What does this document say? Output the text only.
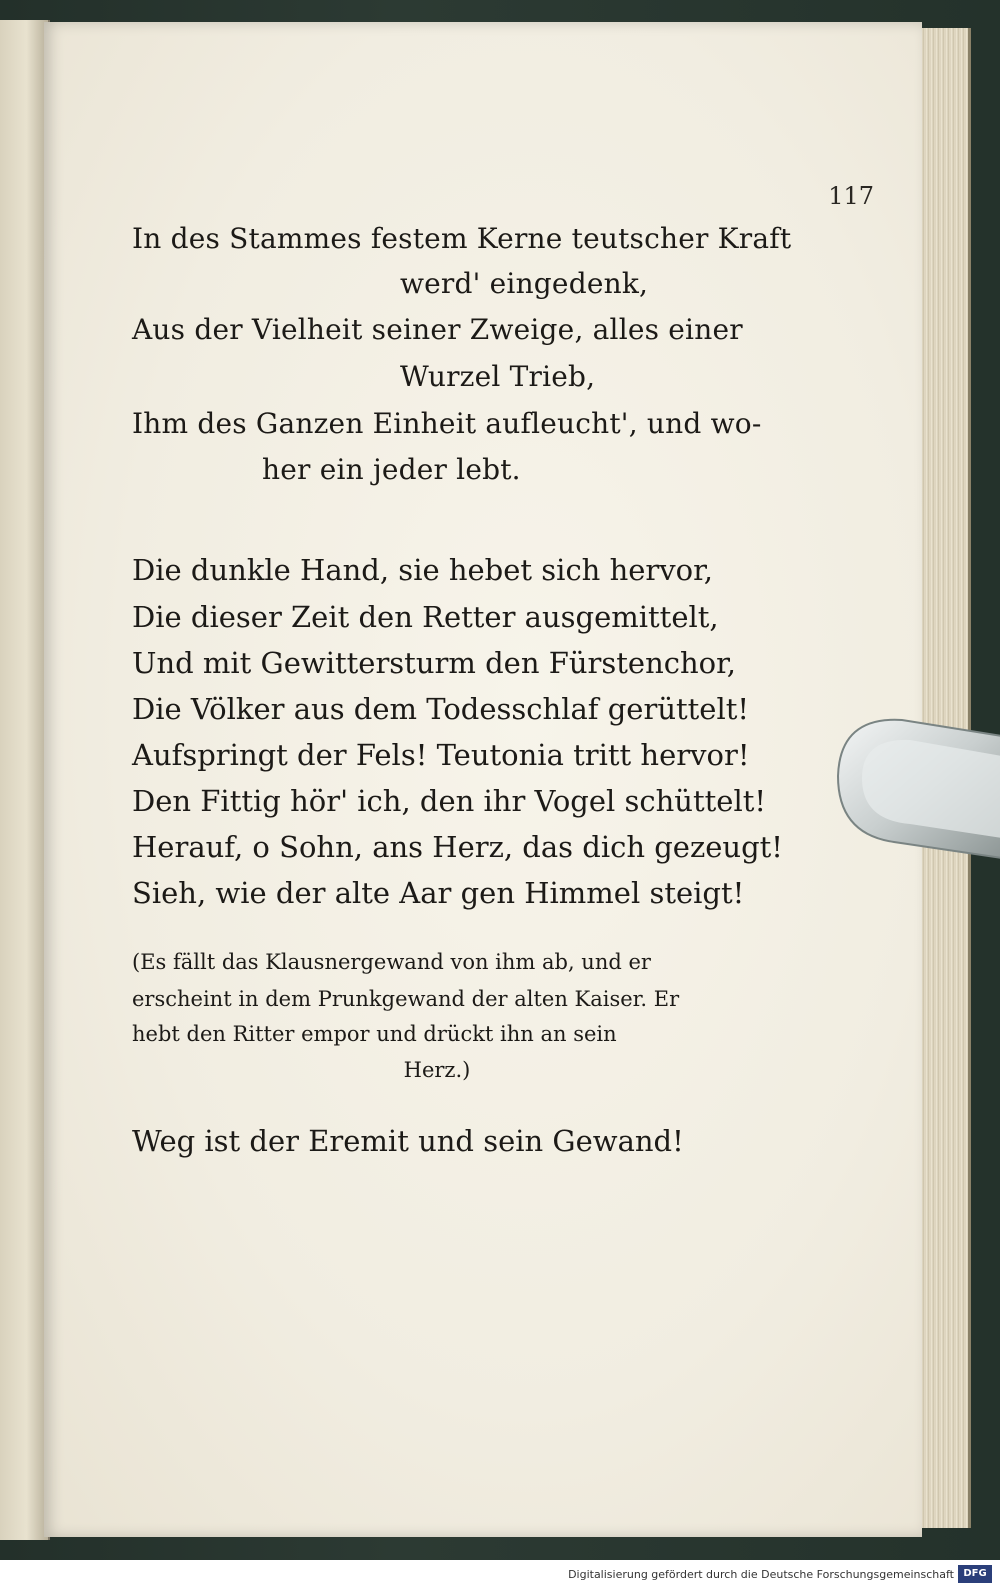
117
In des Stammes festem Kerne teutscher Kraft
werd' eingedenk,
Aus der Vielheit seiner Zweige, alles einer
Wurzel Trieb,
Ihm des Ganzen Einheit aufleucht', und wo-
her ein jeder lebt.
Die dunkle Hand, sie hebet sich hervor,
Die dieser Zeit den Retter ausgemittelt,
Und mit Gewittersturm den Fürstenchor,
Die Völker aus dem Todesschlaf gerüttelt!
Aufspringt der Fels! Teutonia tritt hervor!
Den Fittig hör' ich, den ihr Vogel schüttelt!
Herauf, o Sohn, ans Herz, das dich gezeugt!
Sieh, wie der alte Aar gen Himmel steigt!
(Es fällt das Klausnergewand von ihm ab, und er
erscheint in dem Prunkgewand der alten Kaiser. Er
hebt den Ritter empor und drückt ihn an sein
Herz.)
Weg ist der Eremit und sein Gewand!
Digitalisierung gefördert durch die Deutsche Forschungsgemeinschaft DFG
